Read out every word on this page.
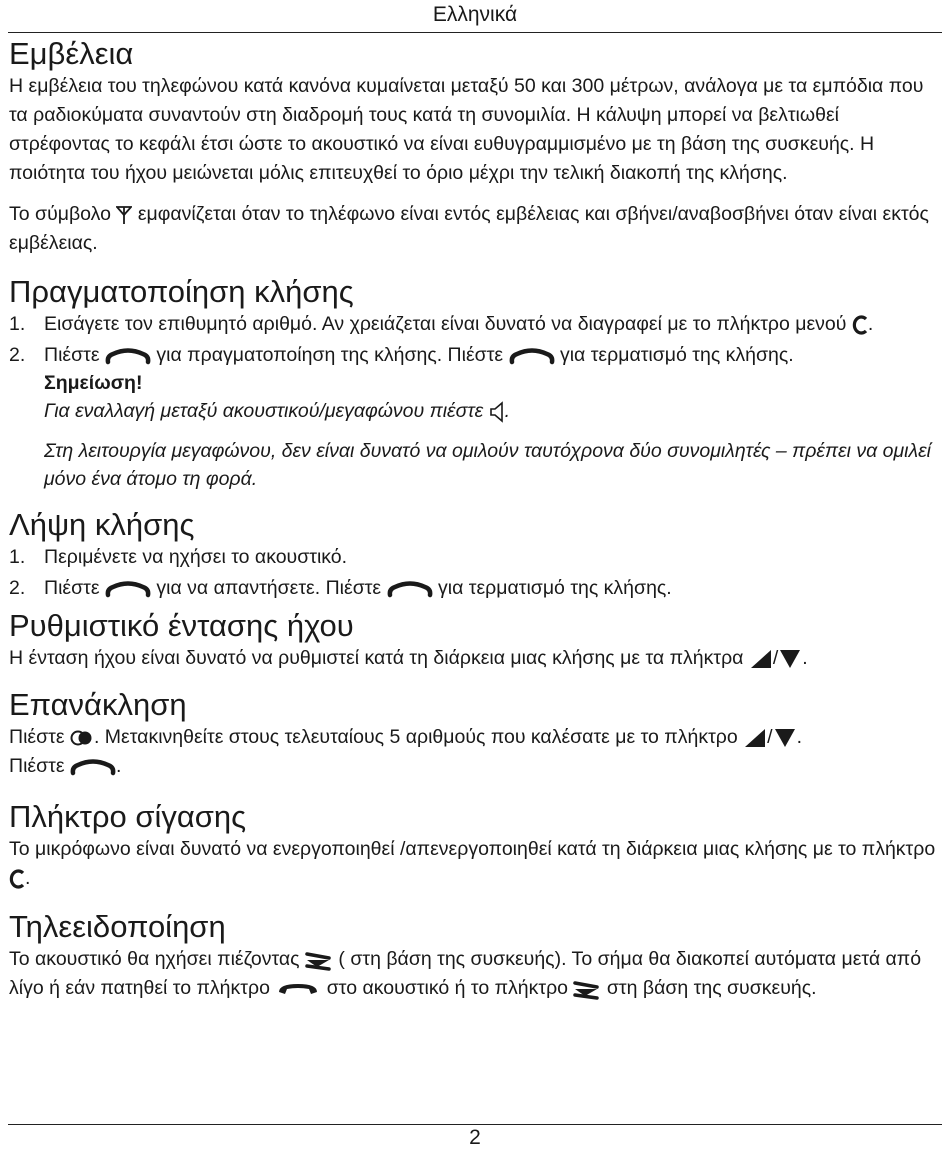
Ελληνικά
Εμβέλεια

Η εμβέλεια του τηλεφώνου κατά κανόνα κυμαίνεται μεταξύ 50 και 300 μέτρων, ανάλογα με τα εμπόδια που τα ραδιοκύματα συναντούν στη διαδρομή τους κατά τη συνομιλία. Η κάλυψη μπορεί να βελτιωθεί στρέφοντας το κεφάλι έτσι ώστε το ακουστικό να είναι ευθυγραμμισμένο με τη βάση της συσκευής. Η ποιότητα του ήχου μειώνεται μόλις επιτευχθεί το όριο μέχρι την τελική διακοπή της κλήσης.

Το σύμβολο εμφανίζεται όταν το τηλέφωνο είναι εντός εμβέλειας και σβήνει/αναβοσβήνει όταν είναι εκτός εμβέλειας.

Πραγματοποίηση κλήσης
1. Εισάγετε τον επιθυμητό αριθμό. Αν χρειάζεται είναι δυνατό να διαγραφεί με το πλήκτρο μενού .
2. Πιέστε	για πραγματοποίηση της κλήσης. Πιέστε	για τερματισμό της κλήσης.
Σημείωση!
Για εναλλαγή μεταξύ ακουστικού/μεγαφώνου πιέστε .
Στη λειτουργία μεγαφώνου, δεν είναι δυνατό να ομιλούν ταυτόχρονα δύο συνομιλητές – πρέπει να ομιλεί μόνο ένα άτομο τη φορά.
Λήψη κλήσης
1. Περιμένετε να ηχήσει το ακουστικό.
2. Πιέστε	για να απαντήσετε. Πιέστε	για τερματισμό της κλήσης.
Ρυθμιστικό έντασης ήχου

Η ένταση ήχου είναι δυνατό να ρυθμιστεί κατά τη διάρκεια μιας κλήσης με τα πλήκτρα / .

Επανάκληση

Πιέστε . Μετακινηθείτε στους τελευταίους 5 αριθμούς που καλέσατε με το πλήκτρο / .

Πιέστε	.

Πλήκτρο σίγασης

Το μικρόφωνο είναι δυνατό να ενεργοποιηθεί /απενεργοποιηθεί κατά τη διάρκεια μιας κλήσης με το πλήκτρο
.

Τηλεειδοποίηση

Το ακουστικό θα ηχήσει πιέζοντας ( στη βάση της συσκευής). Το σήμα θα διακοπεί αυτόματα μετά από λίγο ή εάν πατηθεί το πλήκτρο	στο ακουστικό ή το πλήκτρο στη βάση της συσκευής.

2
